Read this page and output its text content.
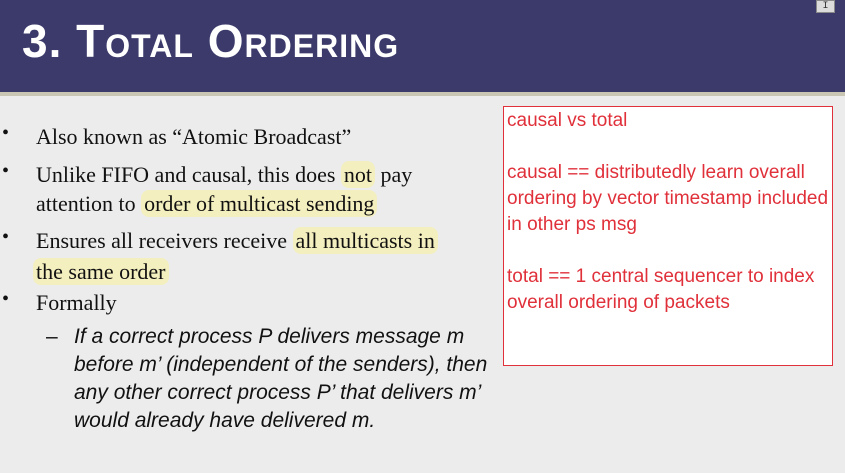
3. Total Ordering
I
•	Also known as “Atomic Broadcast”
•	Unlike FIFO and causal, this does not pay
attention to order of multicast sending
•	Ensures all receivers receive all multicasts in
the same order
•	Formally
– If a correct process P delivers message m before m’ (independent of the senders), then any other correct process P’ that delivers m’ would already have delivered m.

causal vs total

causal == distributedly learn overall ordering by vector timestamp included in other ps msg

total == 1 central sequencer to index overall ordering of packets
